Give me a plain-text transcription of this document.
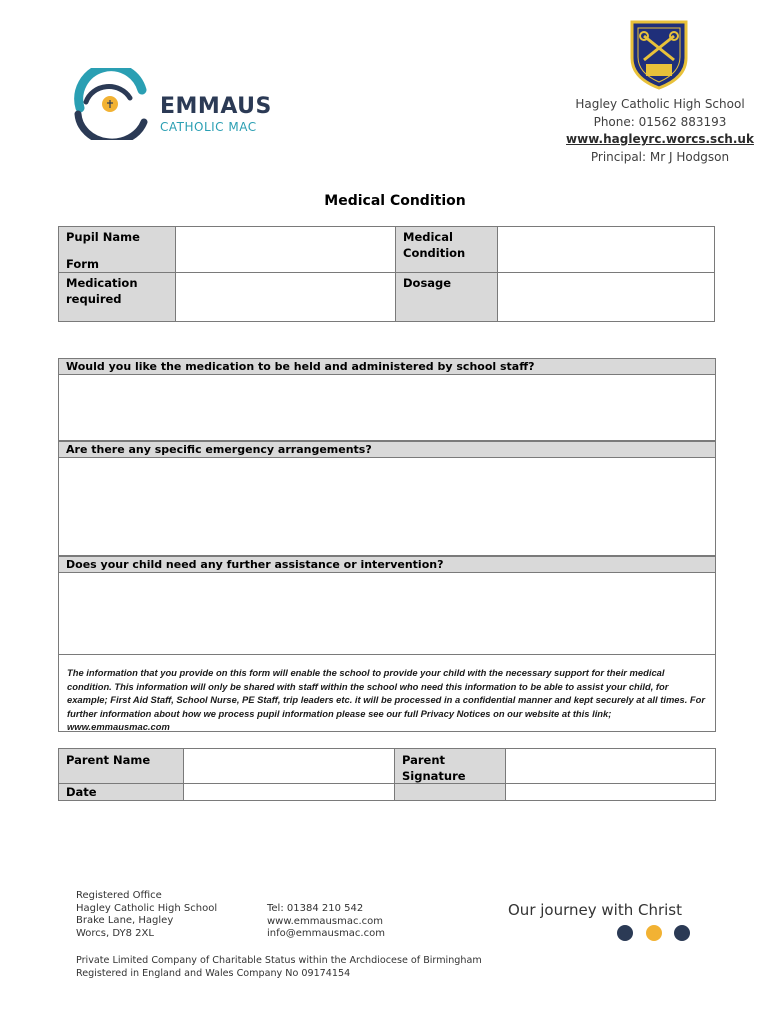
EMMAUS
CATHOLIC MAC
Hagley Catholic High School
Phone: 01562 883193
www.hagleyrc.worcs.sch.uk
Principal: Mr J Hodgson
Medical Condition
Pupil Name
Form
Medical Condition
Medication required
Dosage
Would you like the medication to be held and administered by school staff?
Are there any specific emergency arrangements?
Does your child need any further assistance or intervention?
The information that you provide on this form will enable the school to provide your child with the necessary support for their medical condition. This information will only be shared with staff within the school who need this information to be able to assist your child, for example; First Aid Staff, School Nurse, PE Staff, trip leaders etc. it will be processed in a confidential manner and kept securely at all times. For further information about how we process pupil information please see our full Privacy Notices on our website at this link; www.emmausmac.com
Parent Name	Parent Signature
Date
Registered Office
Hagley Catholic High School
Brake Lane, Hagley
Worcs, DY8 2XL
Tel: 01384 210 542
www.emmausmac.com
info@emmausmac.com
Private Limited Company of Charitable Status within the Archdiocese of Birmingham
Registered in England and Wales Company No 09174154
Our journey with Christ
